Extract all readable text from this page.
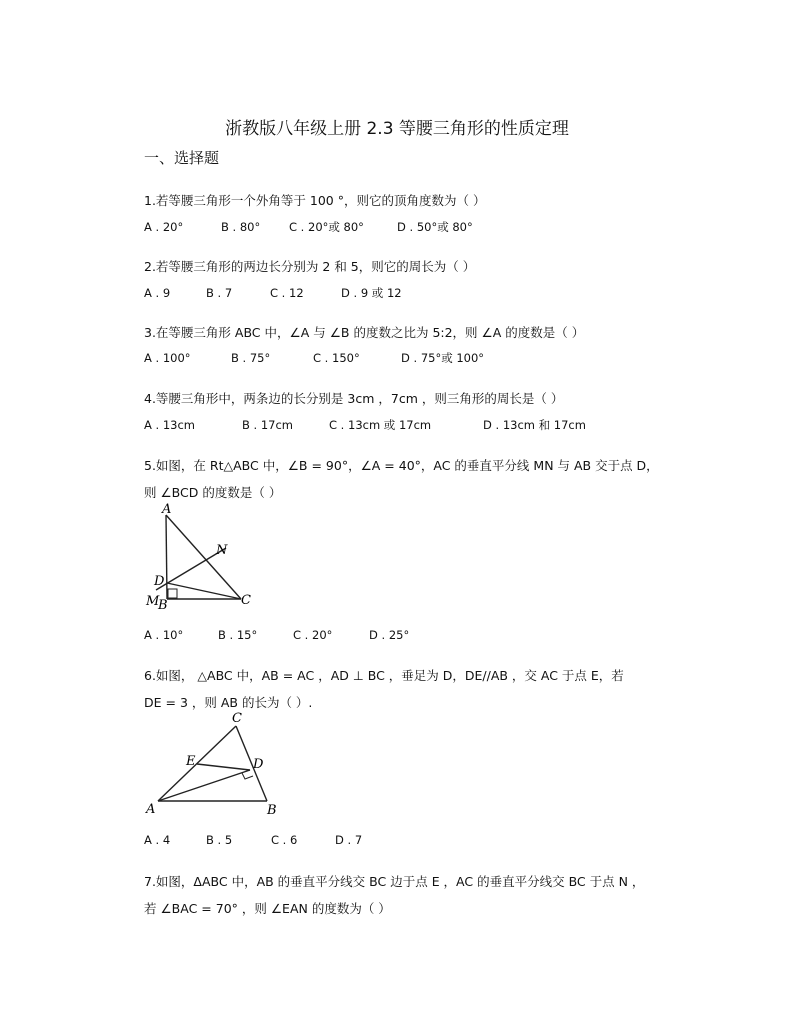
浙教版八年级上册 2.3 等腰三角形的性质定理
一、选择题
1.若等腰三角形一个外角等于 100 °，则它的顶角度数为（ ）
A . 20°	B . 80°	C . 20°或 80°	D . 50°或 80°
2.若等腰三角形的两边长分别为 2 和 5，则它的周长为（ ）
A . 9	B . 7	C . 12	D . 9 或 12
3.在等腰三角形 ABC 中，∠A 与 ∠B 的度数之比为 5:2，则 ∠A 的度数是（ ）
A . 100°	B . 75°	C . 150°	D . 75°或 100°
4.等腰三角形中，两条边的长分别是 3cm ，7cm ，则三角形的周长是（ ）
A . 13cm	B . 17cm	C . 13cm 或 17cm	D . 13cm 和 17cm
5.如图，在 Rt△ABC 中，∠B = 90°，∠A = 40°，AC 的垂直平分线 MN 与 AB 交于点 D，
则 ∠BCD 的度数是（ ）
A
N
D
M
B	C
A . 10°	B . 15°	C . 20°	D . 25°
6.如图， △ABC 中，AB = AC ，AD ⊥ BC ，垂足为 D，DE//AB ，交 AC 于点 E，若
DE = 3 ，则 AB 的长为（ ）.
C
E	D
A	B
A . 4	B . 5	C . 6	D . 7
7.如图，ΔABC 中，AB 的垂直平分线交 BC 边于点 E ，AC 的垂直平分线交 BC 于点 N ，
若 ∠BAC = 70° ，则 ∠EAN 的度数为（ ）
